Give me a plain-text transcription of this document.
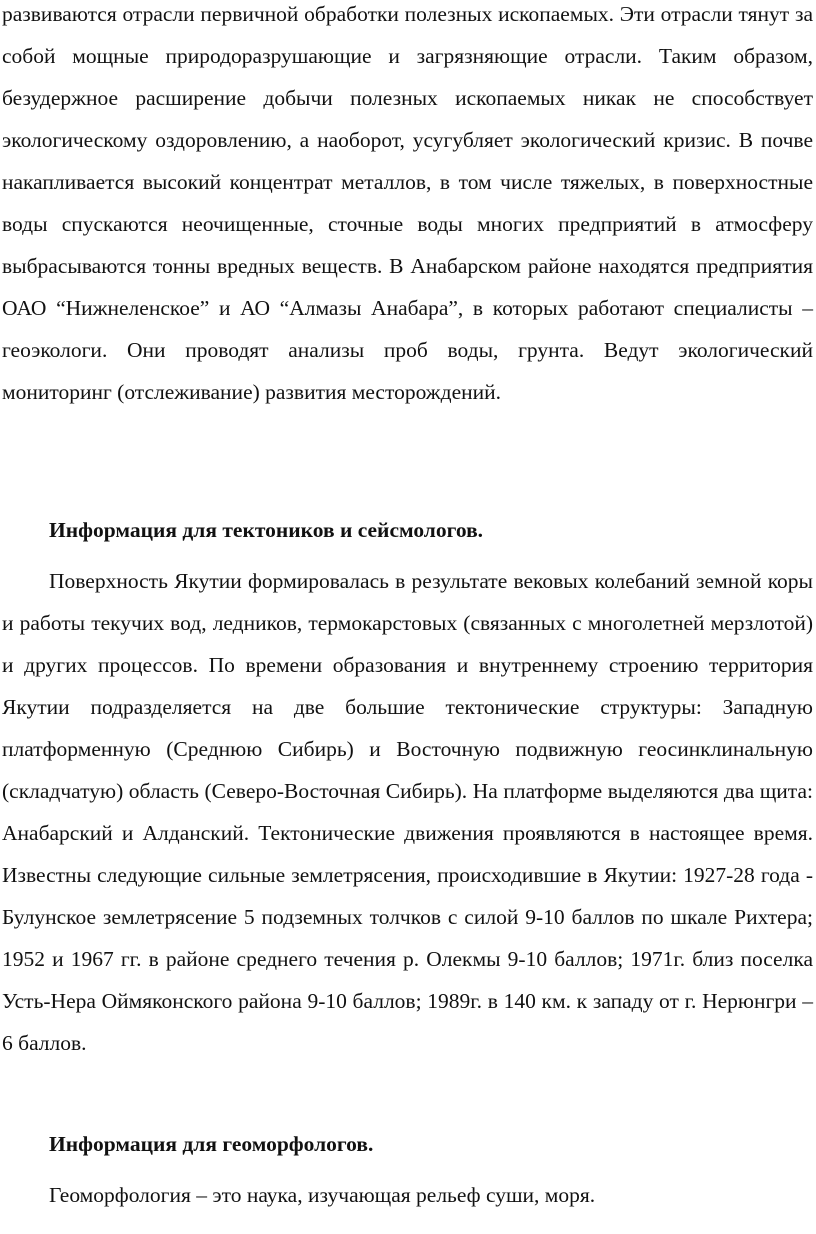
развиваются отрасли первичной обработки полезных ископаемых. Эти отрасли тянут за собой мощные природоразрушающие и загрязняющие отрасли. Таким образом, безудержное расширение добычи полезных ископаемых никак не способствует экологическому оздоровлению, а наоборот, усугубляет экологический кризис. В почве накапливается высокий концентрат металлов, в том числе тяжелых, в поверхностные воды спускаются неочищенные, сточные воды многих предприятий в атмосферу выбрасываются тонны вредных веществ. В Анабарском районе находятся предприятия ОАО “Нижнеленское” и АО “Алмазы Анабара”, в которых работают специалисты – геоэкологи. Они проводят анализы проб воды, грунта. Ведут экологический мониторинг (отслеживание) развития месторождений.

Информация для тектоников и сейсмологов.

Поверхность Якутии формировалась в результате вековых колебаний земной коры и работы текучих вод, ледников, термокарстовых (связанных с многолетней мерзлотой) и других процессов. По времени образования и внутреннему строению территория Якутии подразделяется на две большие тектонические структуры: Западную платформенную (Среднюю Сибирь) и Восточную подвижную геосинклинальную (складчатую) область (Северо-Восточная Сибирь). На платформе выделяются два щита: Анабарский и Алданский. Тектонические движения проявляются в настоящее время. Известны следующие сильные землетрясения, происходившие в Якутии: 1927-28 года - Булунское землетрясение 5 подземных толчков с силой 9-10 баллов по шкале Рихтера; 1952 и 1967 гг. в районе среднего течения р. Олекмы 9-10 баллов; 1971г. близ поселка Усть-Нера Оймяконского района 9-10 баллов; 1989г. в 140 км. к западу от г. Нерюнгри – 6 баллов.

Информация для геоморфологов.

Геоморфология – это наука, изучающая рельеф суши, моря.
